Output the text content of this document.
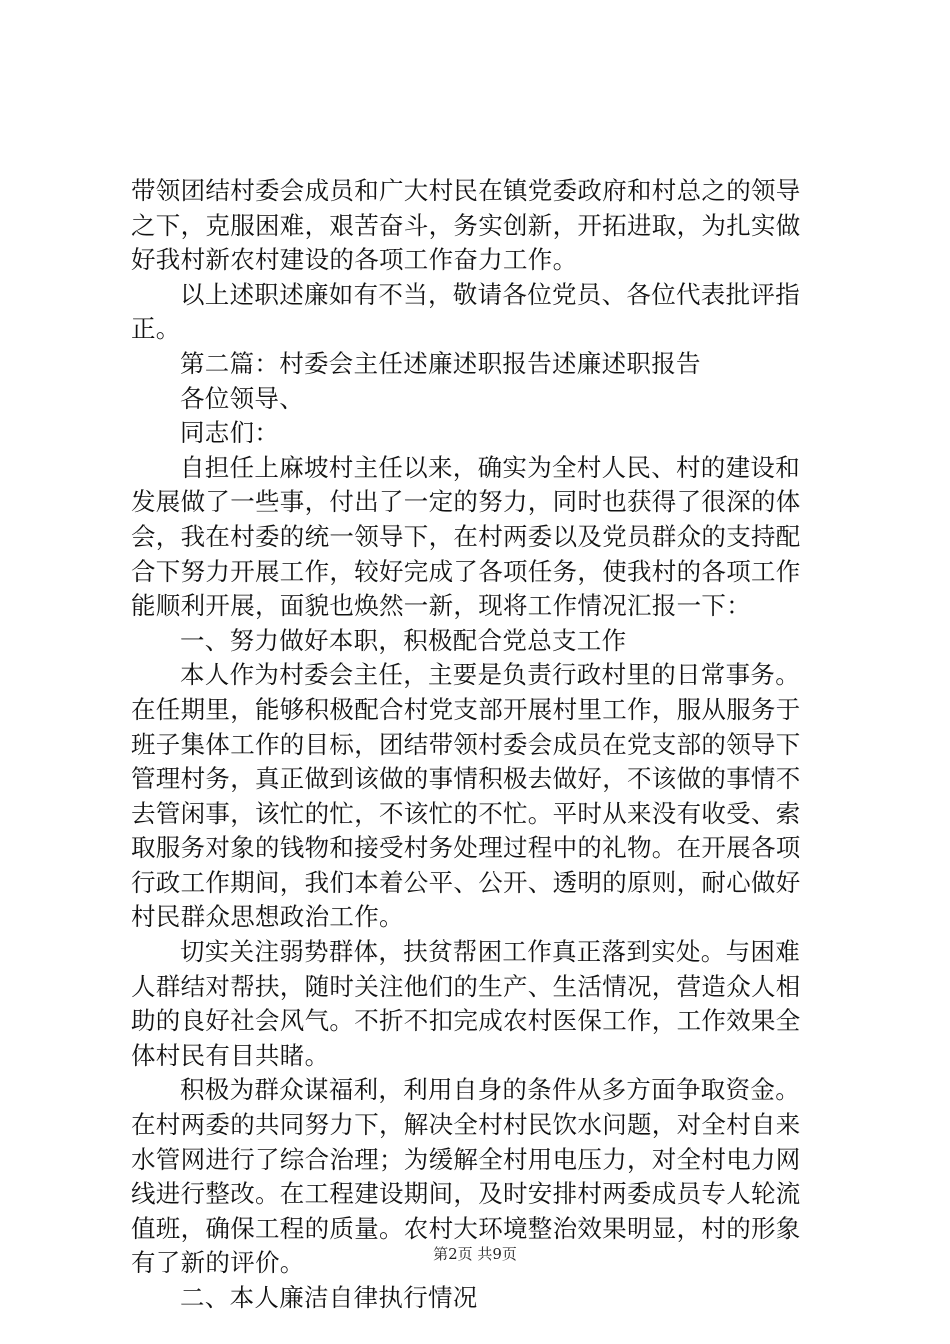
带领团结村委会成员和广大村民在镇党委政府和村总之的领导
之下，克服困难，艰苦奋斗，务实创新，开拓进取，为扎实做
好我村新农村建设的各项工作奋力工作。
以上述职述廉如有不当，敬请各位党员、各位代表批评指
正。
第二篇：村委会主任述廉述职报告述廉述职报告
各位领导、
同志们：
自担任上麻坡村主任以来，确实为全村人民、村的建设和
发展做了一些事，付出了一定的努力，同时也获得了很深的体
会，我在村委的统一领导下，在村两委以及党员群众的支持配
合下努力开展工作，较好完成了各项任务，使我村的各项工作
能顺利开展，面貌也焕然一新，现将工作情况汇报一下：
一、努力做好本职，积极配合党总支工作
本人作为村委会主任，主要是负责行政村里的日常事务。
在任期里，能够积极配合村党支部开展村里工作，服从服务于
班子集体工作的目标，团结带领村委会成员在党支部的领导下
管理村务，真正做到该做的事情积极去做好，不该做的事情不
去管闲事，该忙的忙，不该忙的不忙。平时从来没有收受、索
取服务对象的钱物和接受村务处理过程中的礼物。在开展各项
行政工作期间，我们本着公平、公开、透明的原则，耐心做好
村民群众思想政治工作。
切实关注弱势群体，扶贫帮困工作真正落到实处。与困难
人群结对帮扶，随时关注他们的生产、生活情况，营造众人相
助的良好社会风气。不折不扣完成农村医保工作，工作效果全
体村民有目共睹。
积极为群众谋福利，利用自身的条件从多方面争取资金。
在村两委的共同努力下，解决全村村民饮水问题，对全村自来
水管网进行了综合治理；为缓解全村用电压力，对全村电力网
线进行整改。在工程建设期间，及时安排村两委成员专人轮流
值班，确保工程的质量。农村大环境整治效果明显，村的形象
有了新的评价。
二、本人廉洁自律执行情况
第2页 共9页
